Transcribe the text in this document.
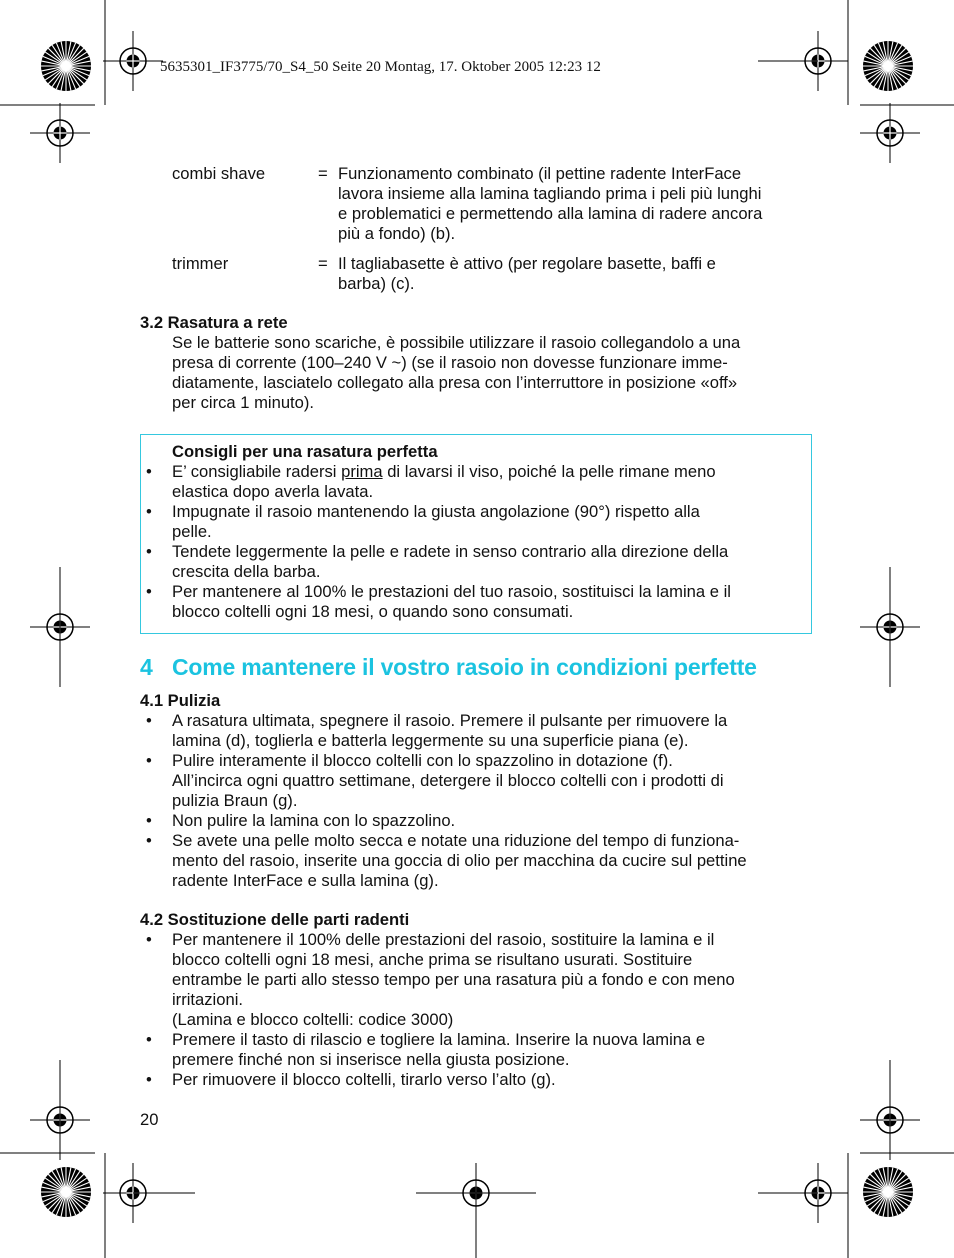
5635301_IF3775/70_S4_50 Seite 20 Montag, 17. Oktober 2005 12:23 12
combi shave	= Funzionamento combinato (il pettine radente InterFace
lavora insieme alla lamina tagliando prima i peli più lunghi
e problematici e permettendo alla lamina di radere ancora
più a fondo) (b).
trimmer	= Il tagliabasette è attivo (per regolare basette, baffi e
barba) (c).
3.2 Rasatura a rete
Se le batterie sono scariche, è possibile utilizzare il rasoio collegandolo a una
presa di corrente (100–240 V ~) (se il rasoio non dovesse funzionare imme-
diatamente, lasciatelo collegato alla presa con l’interruttore in posizione «off»
per circa 1 minuto).
Consigli per una rasatura perfetta
• E’ consigliabile radersi prima di lavarsi il viso, poiché la pelle rimane meno
elastica dopo averla lavata.
• Impugnate il rasoio mantenendo la giusta angolazione (90°) rispetto alla
pelle.
• Tendete leggermente la pelle e radete in senso contrario alla direzione della
crescita della barba.
• Per mantenere al 100% le prestazioni del tuo rasoio, sostituisci la lamina e il
blocco coltelli ogni 18 mesi, o quando sono consumati.
4 Come mantenere il vostro rasoio in condizioni perfette
4.1 Pulizia
• A rasatura ultimata, spegnere il rasoio. Premere il pulsante per rimuovere la
lamina (d), toglierla e batterla leggermente su una superficie piana (e).
• Pulire interamente il blocco coltelli con lo spazzolino in dotazione (f).
All’incirca ogni quattro settimane, detergere il blocco coltelli con i prodotti di
pulizia Braun (g).
• Non pulire la lamina con lo spazzolino.
• Se avete una pelle molto secca e notate una riduzione del tempo di funziona-
mento del rasoio, inserite una goccia di olio per macchina da cucire sul pettine
radente InterFace e sulla lamina (g).
4.2 Sostituzione delle parti radenti
• Per mantenere il 100% delle prestazioni del rasoio, sostituire la lamina e il
blocco coltelli ogni 18 mesi, anche prima se risultano usurati. Sostituire
entrambe le parti allo stesso tempo per una rasatura più a fondo e con meno
irritazioni.
(Lamina e blocco coltelli: codice 3000)
• Premere il tasto di rilascio e togliere la lamina. Inserire la nuova lamina e
premere finché non si inserisce nella giusta posizione.
• Per rimuovere il blocco coltelli, tirarlo verso l’alto (g).
20
